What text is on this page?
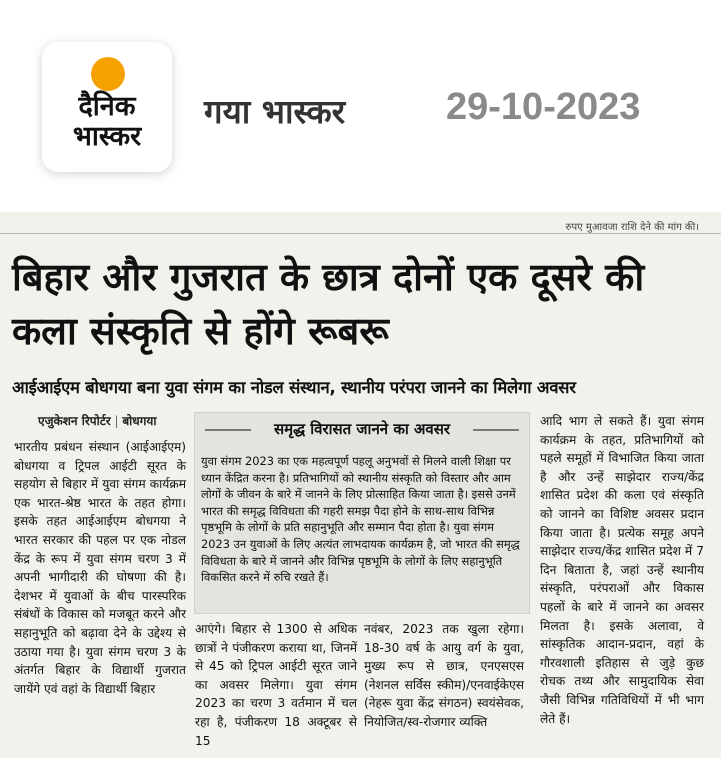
दैनिक
भास्कर
गया भास्कर	29-10-2023
रुपए मुआवजा राशि देने की मांग की।
बिहार और गुजरात के छात्र दोनों एक दूसरे की कला संस्कृति से होंगे रूबरू
आईआईएम बोधगया बना युवा संगम का नोडल संस्थान, स्थानीय परंपरा जानने का मिलेगा अवसर
एजुकेशन रिपोर्टर | बोधगया
भारतीय प्रबंधन संस्थान (आईआईएम) बोधगया व ट्रिपल आईटी सूरत के सहयोग से बिहार में युवा संगम कार्यक्रम एक भारत-श्रेष्ठ भारत के तहत होगा। इसके तहत आईआईएम बोधगया ने भारत सरकार की पहल पर एक नोडल केंद्र के रूप में युवा संगम चरण 3 में अपनी भागीदारी की घोषणा की है। देशभर में युवाओं के बीच पारस्परिक संबंधों के विकास को मजबूत करने और सहानुभूति को बढ़ावा देने के उद्देश्य से उठाया गया है। युवा संगम चरण 3 के अंतर्गत बिहार के विद्यार्थी गुजरात जायेंगे एवं वहां के विद्यार्थी बिहार
समृद्ध विरासत जानने का अवसर
युवा संगम 2023 का एक महत्वपूर्ण पहलू अनुभवों से मिलने वाली शिक्षा पर ध्यान केंद्रित करना है। प्रतिभागियों को स्थानीय संस्कृति को विस्तार और आम लोगों के जीवन के बारे में जानने के लिए प्रोत्साहित किया जाता है। इससे उनमें भारत की समृद्ध विविधता की गहरी समझ पैदा होने के साथ-साथ विभिन्न पृष्ठभूमि के लोगों के प्रति सहानुभूति और सम्मान पैदा होता है। युवा संगम 2023 उन युवाओं के लिए अत्यंत लाभदायक कार्यक्रम है, जो भारत की समृद्ध विविधता के बारे में जानने और विभिन्न पृष्ठभूमि के लोगों के लिए सहानुभूति विकसित करने में रुचि रखते हैं।
आएंगे। बिहार से 1300 से अधिक छात्रों ने पंजीकरण कराया था, जिनमें से 45 को ट्रिपल आईटी सूरत जाने का अवसर मिलेगा। युवा संगम 2023 का चरण 3 वर्तमान में चल रहा है, पंजीकरण 18 अक्टूबर से 15
नवंबर, 2023 तक खुला रहेगा। 18-30 वर्ष के आयु वर्ग के युवा, मुख्य रूप से छात्र, एनएसएस (नेशनल सर्विस स्कीम)/एनवाईकेएस (नेहरू युवा केंद्र संगठन) स्वयंसेवक, नियोजित/स्व-रोजगार व्यक्ति
आदि भाग ले सकते हैं। युवा संगम कार्यक्रम के तहत, प्रतिभागियों को पहले समूहों में विभाजित किया जाता है और उन्हें साझेदार राज्य/केंद्र शासित प्रदेश की कला एवं संस्कृति को जानने का विशिष्ट अवसर प्रदान किया जाता है। प्रत्येक समूह अपने साझेदार राज्य/केंद्र शासित प्रदेश में 7 दिन बिताता है, जहां उन्हें स्थानीय संस्कृति, परंपराओं और विकास पहलों के बारे में जानने का अवसर मिलता है। इसके अलावा, वे सांस्कृतिक आदान-प्रदान, वहां के गौरवशाली इतिहास से जुड़े कुछ रोचक तथ्य और सामुदायिक सेवा जैसी विभिन्न गतिविधियों में भी भाग लेते हैं।
